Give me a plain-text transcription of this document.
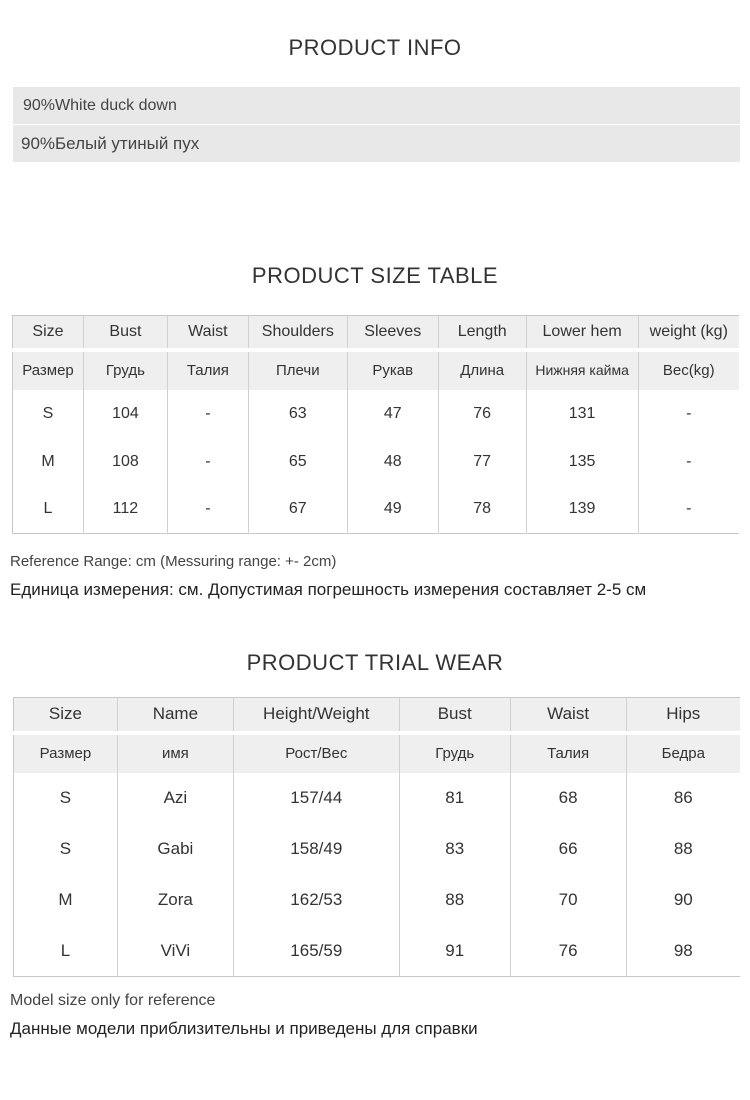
PRODUCT INFO
90%White duck down
90%Белый утиный пух
PRODUCT SIZE TABLE
Size	Bust	Waist	Shoulders	Sleeves	Length	Lower hem	weight (kg)
Размер	Грудь	Талия	Плечи	Рукав	Длина	Нижняя кайма	Вес(kg)
S	104	-	63	47	76	131	-
M	108	-	65	48	77	135	-
L	112	-	67	49	78	139	-
Reference Range: cm (Messuring range: +- 2cm)
Единица измерения: см. Допустимая погрешность измерения составляет 2-5 см
PRODUCT TRIAL WEAR
Size	Name	Height/Weight	Bust	Waist	Hips
Размер	имя	Рост/Вес	Грудь	Талия	Бедра
S	Azi	157/44	81	68	86
S	Gabi	158/49	83	66	88
M	Zora	162/53	88	70	90
L	ViVi	165/59	91	76	98
Model size only for reference
Данные модели приблизительны и приведены для справки
